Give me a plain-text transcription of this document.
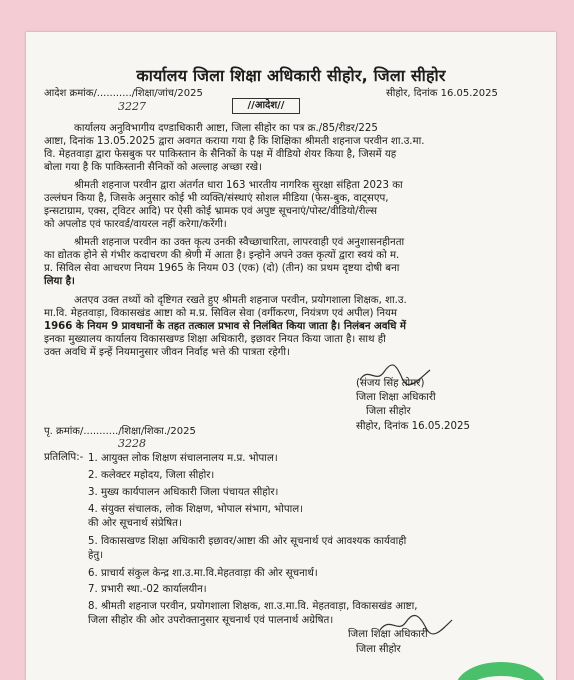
कार्यालय जिला शिक्षा अधिकारी सीहोर, जिला सीहोर
आदेश क्रमांक/.........../शिक्षा/जांच/2025
3227
सीहोर, दिनांक 16.05.2025
//आदेश//
कार्यालय अनुविभागीय दण्डाधिकारी आष्टा, जिला सीहोर का पत्र क्र./85/रीडर/225
आष्टा, दिनांक 13.05.2025 द्वारा अवगत कराया गया है कि शिक्षिका श्रीमती शहनाज परवीन शा.उ.मा.
वि. मेहतवाड़ा द्वारा फेसबुक पर पाकिस्तान के सैनिकों के पक्ष में वीडियो शेयर किया है, जिसमें यह
बोला गया है कि पाकिस्तानी सैनिकों को अल्लाह अच्छा रखे।
श्रीमती शहनाज परवीन द्वारा अंतर्गत धारा 163 भारतीय नागरिक सुरक्षा संहिता 2023 का
उल्लंघन किया है, जिसके अनुसार कोई भी व्यक्ति/संस्थाएं सोशल मीडिया (फेस-बुक, वाट्सएप,
इन्सटाग्राम, एक्स, ट्विटर आदि) पर ऐसी कोई भ्रामक एवं अपुष्ट सूचनाएं/पोस्ट/वीडियो/रील्स
को अपलोड एवं फारवर्ड/वायरल नहीं करेगा/करेंगी।
श्रीमती शहनाज परवीन का उक्त कृत्य उनकी स्वैच्छाचारिता, लापरवाही एवं अनुशासनहीनता
का द्योतक होने से गंभीर कदाचरण की श्रेणी में आता है। इन्होने अपने उक्त कृत्यों द्वारा स्वयं को म.
प्र. सिविल सेवा आचरण नियम 1965 के नियम 03 (एक) (दो) (तीन) का प्रथम दृष्टया दोषी बना
लिया है।
अतएव उक्त तथ्यों को दृष्टिगत रखते हुए श्रीमती शहनाज परवीन, प्रयोगशाला शिक्षक, शा.उ.
मा.वि. मेहतवाड़ा, विकासखंड आष्टा को म.प्र. सिविल सेवा (वर्गीकरण, नियंत्रण एवं अपील) नियम
1966 के नियम 9 प्रावधानों के तहत तत्काल प्रभाव से निलंबित किया जाता है। निलंबन अवधि में
इनका मुख्यालय कार्यालय विकासखण्ड शिक्षा अधिकारी, इछावर नियत किया जाता है। साथ ही
उक्त अवधि में इन्हें नियमानुसार जीवन निर्वाह भत्ते की पात्रता रहेगी।
(संजय सिंह तोमर)
जिला शिक्षा अधिकारी
जिला सीहोर
सीहोर, दिनांक 16.05.2025
पृ. क्रमांक/.........../शिक्षा/शिका./2025
3228
प्रतिलिपि:- 1. आयुक्त लोक शिक्षण संचालनालय म.प्र. भोपाल।
2. कलेक्टर महोदय, जिला सीहोर।
3. मुख्य कार्यपालन अधिकारी जिला पंचायत सीहोर।
4. संयुक्त संचालक, लोक शिक्षण, भोपाल संभाग, भोपाल।
की ओर सूचनार्थ संप्रेषित।
5. विकासखण्ड शिक्षा अधिकारी इछावर/आष्टा की ओर सूचनार्थ एवं आवश्यक कार्यवाही
हेतु।
6. प्राचार्य संकुल केन्द्र शा.उ.मा.वि.मेहतवाड़ा की ओर सूचनार्थ।
7. प्रभारी स्था.-02 कार्यालयीन।
8. श्रीमती शहनाज परवीन, प्रयोगशाला शिक्षक, शा.उ.मा.वि. मेहतवाड़ा, विकासखंड आष्टा,
जिला सीहोर की ओर उपरोक्तानुसार सूचनार्थ एवं पालनार्थ अग्रेषित।
जिला शिक्षा अधिकारी
जिला सीहोर
